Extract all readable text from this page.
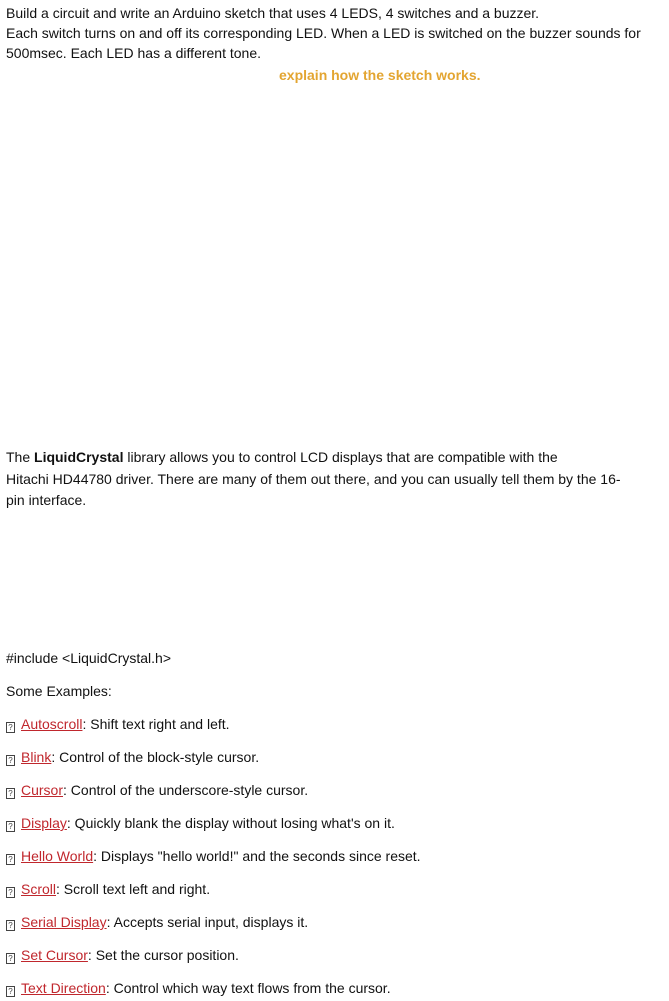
Build a circuit and write an Arduino sketch that uses 4 LEDS, 4 switches and a buzzer.
Each switch turns on and off its corresponding LED. When a LED is switched on the buzzer sounds for
500msec. Each LED has a different tone.
explain how the sketch works.
The LiquidCrystal library allows you to control LCD displays that are compatible with the
Hitachi HD44780 driver. There are many of them out there, and you can usually tell them by the 16-
pin interface.
#include <LiquidCrystal.h>
Some Examples:
? Autoscroll: Shift text right and left.
? Blink: Control of the block-style cursor.
? Cursor: Control of the underscore-style cursor.
? Display: Quickly blank the display without losing what's on it.
? Hello World: Displays "hello world!" and the seconds since reset.
? Scroll: Scroll text left and right.
? Serial Display: Accepts serial input, displays it.
? Set Cursor: Set the cursor position.
? Text Direction: Control which way text flows from the cursor.
